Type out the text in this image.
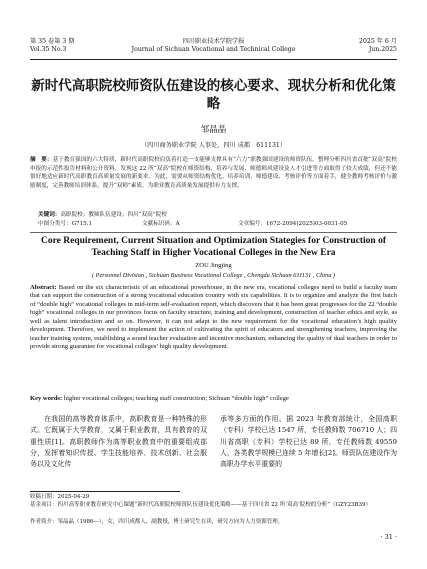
第 35 卷第 3 期
Vol.35 No.3
四川职业技术学院学报
Journal of Sichuan Vocational and Technical College
2025 年 6 月
Jun.2025
新时代高职院校师资队伍建设的核心要求、现状分析和优化策略
邹晶晶
（四川商务职业学院 人事处，四川 成都　611131）
摘　要：基于教育强国的六大特质，新时代高职院校肩负着打造一支能够支撑具有“六力”职教强国建设的师资队伍。整理分析四川省首批“双高”院校申报的示范性报告材料和公开资料，发现这 22 所“双高”院校在师资结构、培养与发展、师德师风建设及人才引进等方面取得了较大成绩，但还不能很好地适应新时代高职教育高质量发展的新要求。为此，需要从师资结构优化、培养培训、师德建设、考核评价等方面着手，健全教师考核评价与激励制度，完善教师培训体系，提升“双师”素质，为职业教育高质量发展提供有力支撑。
关键词：高职院校；教师队伍建设；四川“双高”院校
中图分类号：G715.1	文献标识码：A	文章编号：1672-2094(2025)03-0031-05
Core Requirement, Current Situation and Optimization Stategies for Construction of Teaching Staff in Higher Vocational Colleges in the New Era
ZOU Jingjing
( Personnel Division , Sichuan Business Vocational College , Chengdu Sichuan 611131 , China )
Abstract: Based on the six characteristic of an educational powerhouse, in the new era, vocational colleges need to build a faculty team that can support the construction of a strong vocational education country with six capabilities. It is to organize and analyze the first batch of “double high” vocational colleges in mid-term self-evaluation report, which discovers that it has been great progresses for the 22 “double high” vocational colleges in our provinces focus on faculty structure, training and development, construction of teacher ethics and style, as well as talent introduction and so on. However, it can not adapt to the new requirement for the vocational education’s high quality development. Therefore, we need to implement the action of cultivating the spirit of educators and strengthening teachers, improving the teacher training system, establishing a sound teacher evaluation and incentive mechanism, enhancing the quality of dual teachers in order to provide strong guarantee for vocational colleges’ high quality development.
Key words: higher vocational colleges; teaching staff construction; Sichuan “double high” college
　　在我国的高等教育体系中，高职教育是一种特殊的形式。它既属于大学教育，又属于职业教育，具有教育的双重性质[1]。高职教师作为高等职业教育中的重要组成部分，发挥着知识传授、学生技能培养、技术创新、社会服务以及文化传
承等多方面的作用。据 2023 年教育部统计，全国高职（专科）学校已达 1547 所，专任教师数 706710 人；四川省高职（专科）学校已达 89 所，专任教师数 49559 人，各类教学规模已连续 5 年增长[2]。师资队伍建设作为高职办学水平重要的
收稿日期：2025-04-29
基金项目：四川高等职业教育研究中心课题“新时代高职院校师资队伍建设优化策略——基于四川省 22 所‘双高’院校的分析”（GZY23B39）
作者简介：邹晶晶（1986—），女，四川成都人，副教授，博士研究生在读，研究方向为人力资源管理。
· 31 ·
